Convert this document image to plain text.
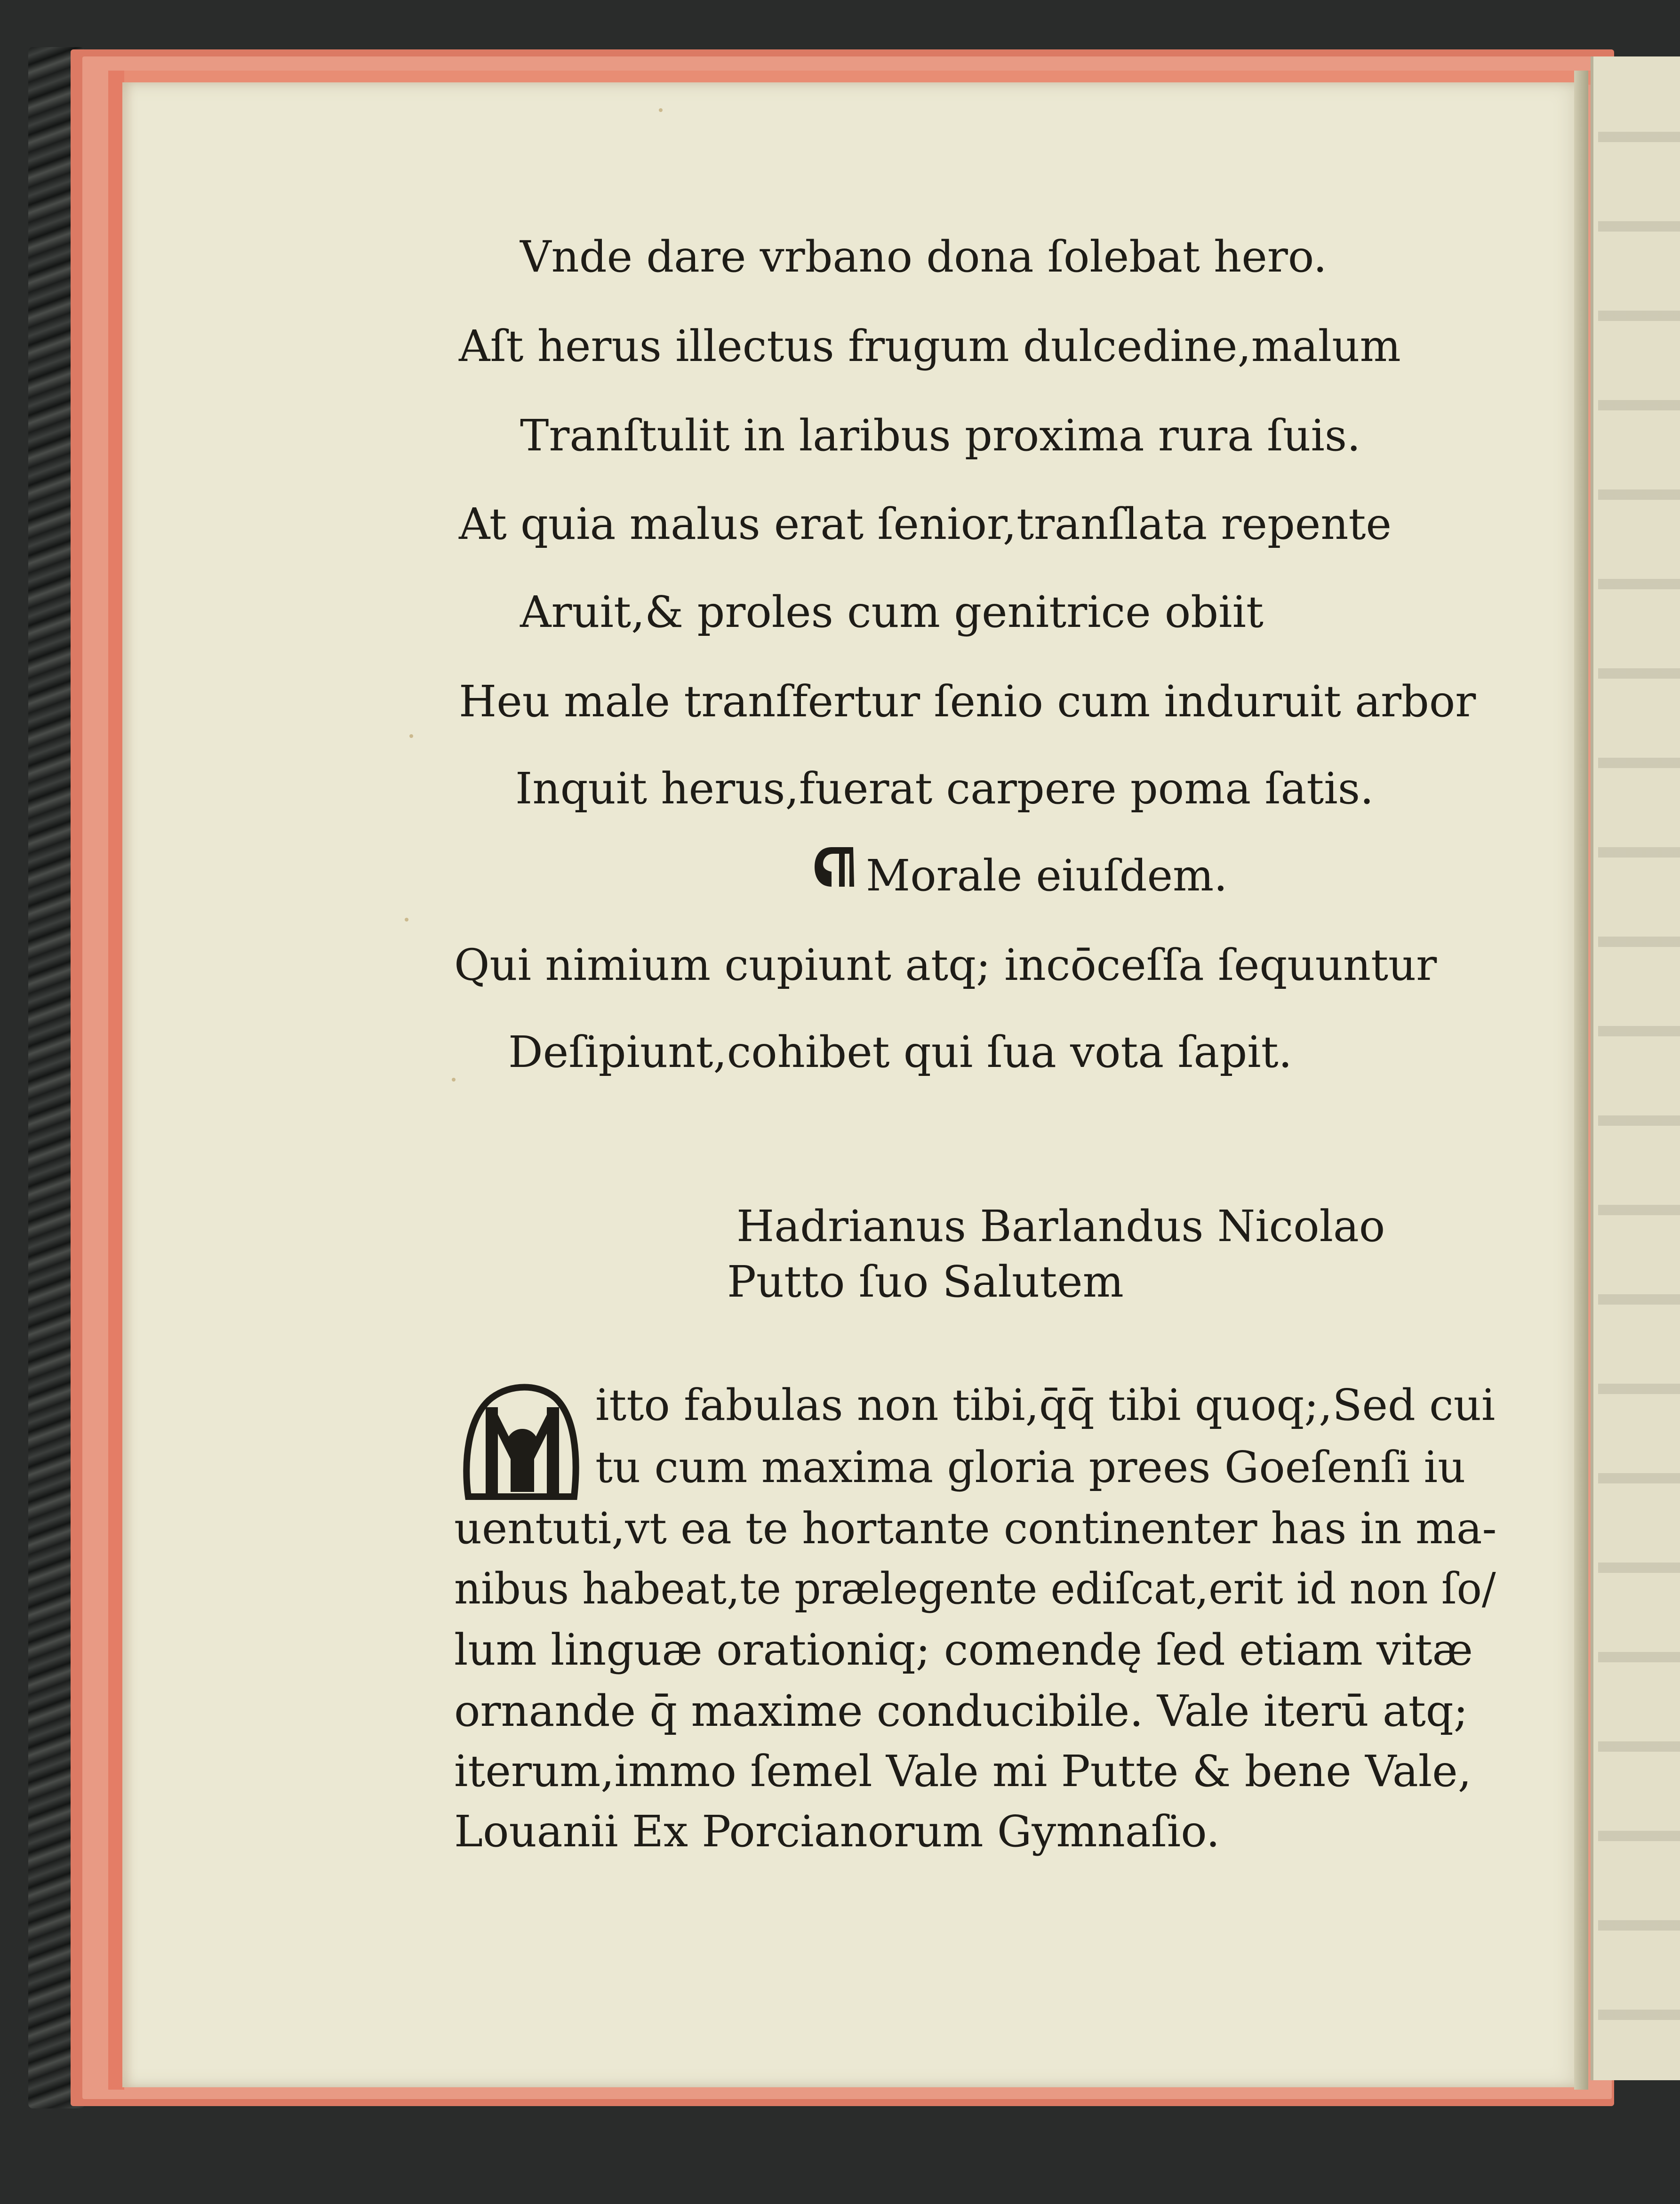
Vnde dare vrbano dona ſolebat hero.
Aſt herus illectus frugum dulcedine,malum
Tranſtulit in laribus proxima rura ſuis.
At quia malus erat ſenior,tranſlata repente
Aruit,& proles cum genitrice obiit
Heu male tranſfertur ſenio cum induruit arbor
Inquit herus,fuerat carpere poma ſatis.
Morale eiuſdem.
Qui nimium cupiunt atq; incōceſſa ſequuntur
Deſipiunt,cohibet qui ſua vota ſapit.
Hadrianus Barlandus Nicolao
Putto ſuo Salutem
itto fabulas non tibi,q̄q̄ tibi quoq;,Sed cui
tu cum maxima gloria prees Goeſenſi iu
uentuti,vt ea te hortante continenter has in ma-
nibus habeat,te prælegente ediſcat,erit id non ſo/
lum linguæ orationiq; comendę ſed etiam vitæ
ornande q̄ maxime conducibile. Vale iterū atq;
iterum,immo ſemel Vale mi Putte & bene Vale,
Louanii Ex Porcianorum Gymnaſio.
